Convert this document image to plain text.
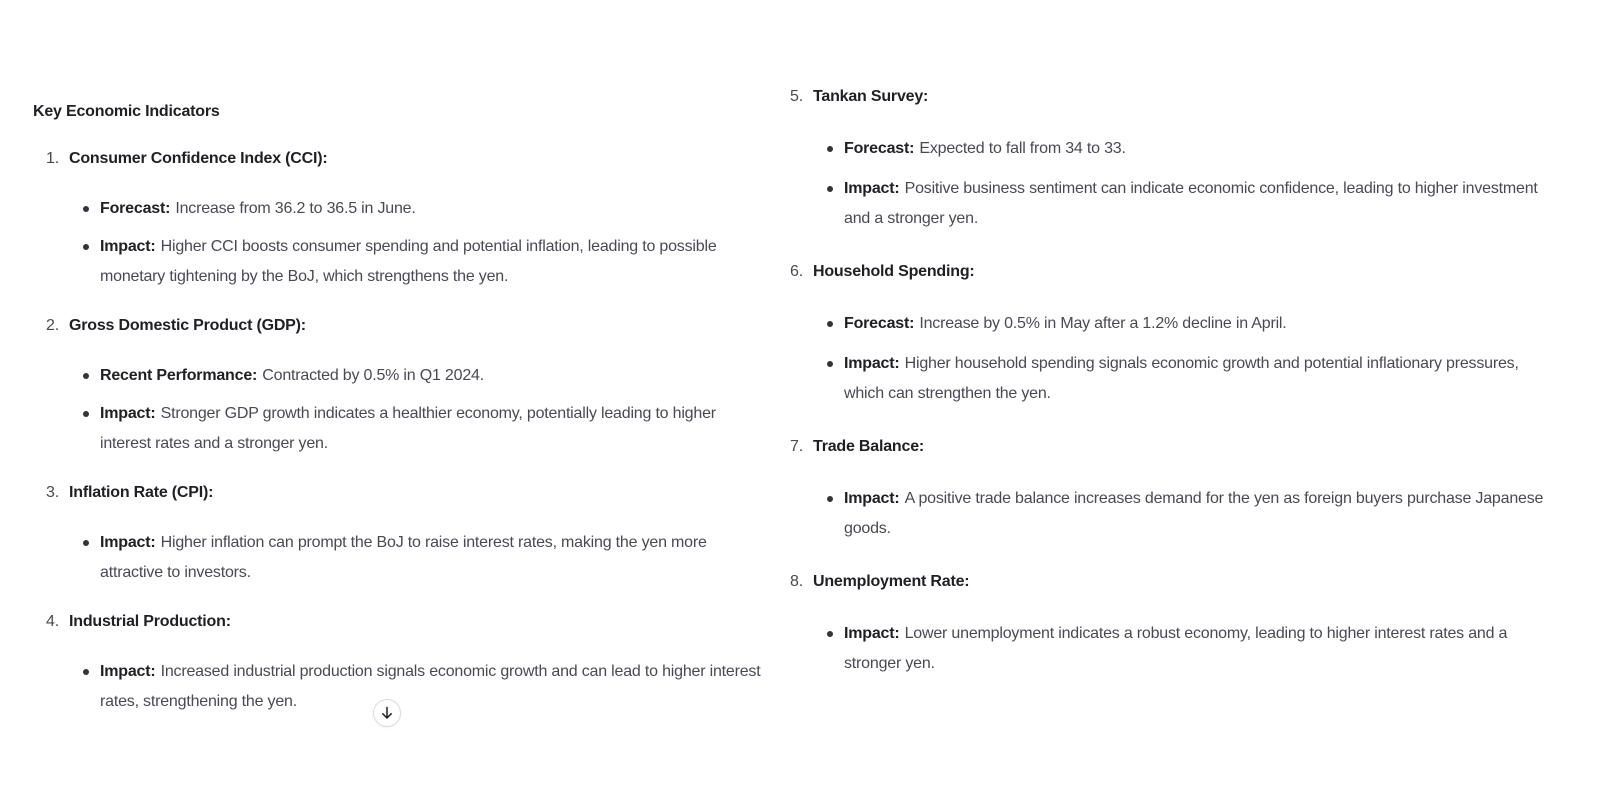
Key Economic Indicators
1. Consumer Confidence Index (CCI):
Forecast: Increase from 36.2 to 36.5 in June.
Impact: Higher CCI boosts consumer spending and potential inflation, leading to possible monetary tightening by the BoJ, which strengthens the yen.
2. Gross Domestic Product (GDP):
Recent Performance: Contracted by 0.5% in Q1 2024.
Impact: Stronger GDP growth indicates a healthier economy, potentially leading to higher interest rates and a stronger yen.
3. Inflation Rate (CPI):
Impact: Higher inflation can prompt the BoJ to raise interest rates, making the yen more attractive to investors.
4. Industrial Production:
Impact: Increased industrial production signals economic growth and can lead to higher interest rates, strengthening the yen.
5. Tankan Survey:
Forecast: Expected to fall from 34 to 33.
Impact: Positive business sentiment can indicate economic confidence, leading to higher investment and a stronger yen.
6. Household Spending:
Forecast: Increase by 0.5% in May after a 1.2% decline in April.
Impact: Higher household spending signals economic growth and potential inflationary pressures, which can strengthen the yen.
7. Trade Balance:
Impact: A positive trade balance increases demand for the yen as foreign buyers purchase Japanese goods.
8. Unemployment Rate:
Impact: Lower unemployment indicates a robust economy, leading to higher interest rates and a stronger yen.
